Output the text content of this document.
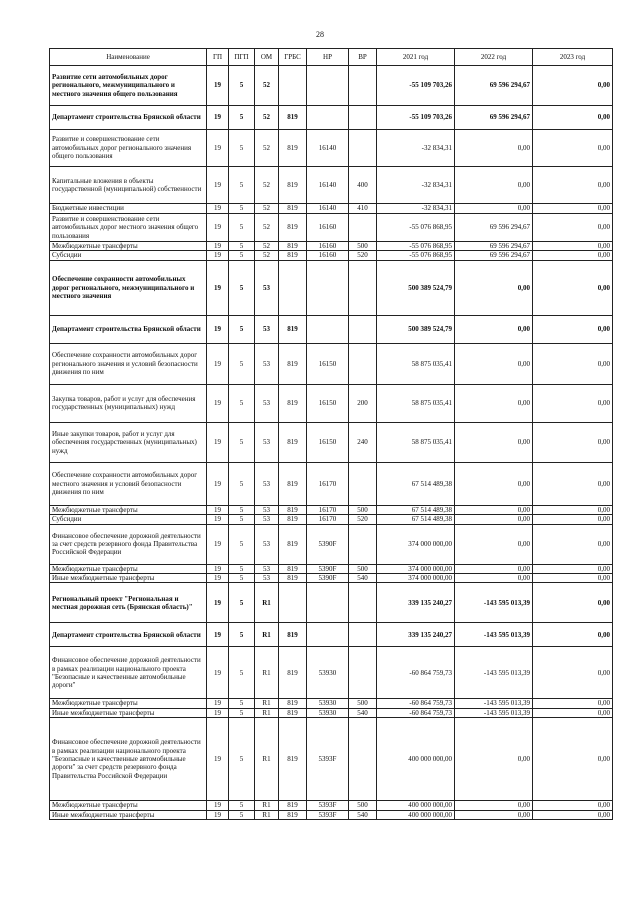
28
Наименование	ГП	ПГП	ОМ	ГРБС	НР	ВР	2021 год	2022 год	2023 год
Развитие сети автомобильных дорог регионального, межмуниципального и местного значения общего пользования	19	5	52				-55 109 703,26	69 596 294,67	0,00
Департамент строительства Брянской области	19	5	52	819			-55 109 703,26	69 596 294,67	0,00
Развитие и совершенствование сети автомобильных дорог регионального значения общего пользования	19	5	52	819	16140		-32 834,31	0,00	0,00
Капитальные вложения в объекты государственной (муниципальной) собственности	19	5	52	819	16140	400	-32 834,31	0,00	0,00
Бюджетные инвестиции	19	5	52	819	16140	410	-32 834,31	0,00	0,00
Развитие и совершенствование сети автомобильных дорог местного значения общего пользования	19	5	52	819	16160		-55 076 868,95	69 596 294,67	0,00
Межбюджетные трансферты	19	5	52	819	16160	500	-55 076 868,95	69 596 294,67	0,00
Субсидии	19	5	52	819	16160	520	-55 076 868,95	69 596 294,67	0,00
Обеспечение сохранности автомобильных дорог регионального, межмуниципального и местного значения	19	5	53				500 389 524,79	0,00	0,00
Департамент строительства Брянской области	19	5	53	819			500 389 524,79	0,00	0,00
Обеспечение сохранности автомобильных дорог регионального значения и условий безопасности движения по ним	19	5	53	819	16150		58 875 035,41	0,00	0,00
Закупка товаров, работ и услуг для обеспечения государственных (муниципальных) нужд	19	5	53	819	16150	200	58 875 035,41	0,00	0,00
Иные закупки товаров, работ и услуг для обеспечения государственных (муниципальных) нужд	19	5	53	819	16150	240	58 875 035,41	0,00	0,00
Обеспечение сохранности автомобильных дорог местного значения и условий безопасности движения по ним	19	5	53	819	16170		67 514 489,38	0,00	0,00
Межбюджетные трансферты	19	5	53	819	16170	500	67 514 489,38	0,00	0,00
Субсидии	19	5	53	819	16170	520	67 514 489,38	0,00	0,00
Финансовое обеспечение дорожной деятельности за счет средств резервного фонда Правительства Российской Федерации	19	5	53	819	5390F		374 000 000,00	0,00	0,00
Межбюджетные трансферты	19	5	53	819	5390F	500	374 000 000,00	0,00	0,00
Иные межбюджетные трансферты	19	5	53	819	5390F	540	374 000 000,00	0,00	0,00
Региональный проект "Региональная и местная дорожная сеть (Брянская область)"	19	5	R1				339 135 240,27	-143 595 013,39	0,00
Департамент строительства Брянской области	19	5	R1	819			339 135 240,27	-143 595 013,39	0,00
Финансовое обеспечение дорожной деятельности в рамках реализации национального проекта "Безопасные и качественные автомобильные дороги"	19	5	R1	819	53930		-60 864 759,73	-143 595 013,39	0,00
Межбюджетные трансферты	19	5	R1	819	53930	500	-60 864 759,73	-143 595 013,39	0,00
Иные межбюджетные трансферты	19	5	R1	819	53930	540	-60 864 759,73	-143 595 013,39	0,00
Финансовое обеспечение дорожной деятельности в рамках реализации национального проекта "Безопасные и качественные автомобильные дороги" за счет средств резервного фонда Правительства Российской Федерации	19	5	R1	819	5393F		400 000 000,00	0,00	0,00
Межбюджетные трансферты	19	5	R1	819	5393F	500	400 000 000,00	0,00	0,00
Иные межбюджетные трансферты	19	5	R1	819	5393F	540	400 000 000,00	0,00	0,00
